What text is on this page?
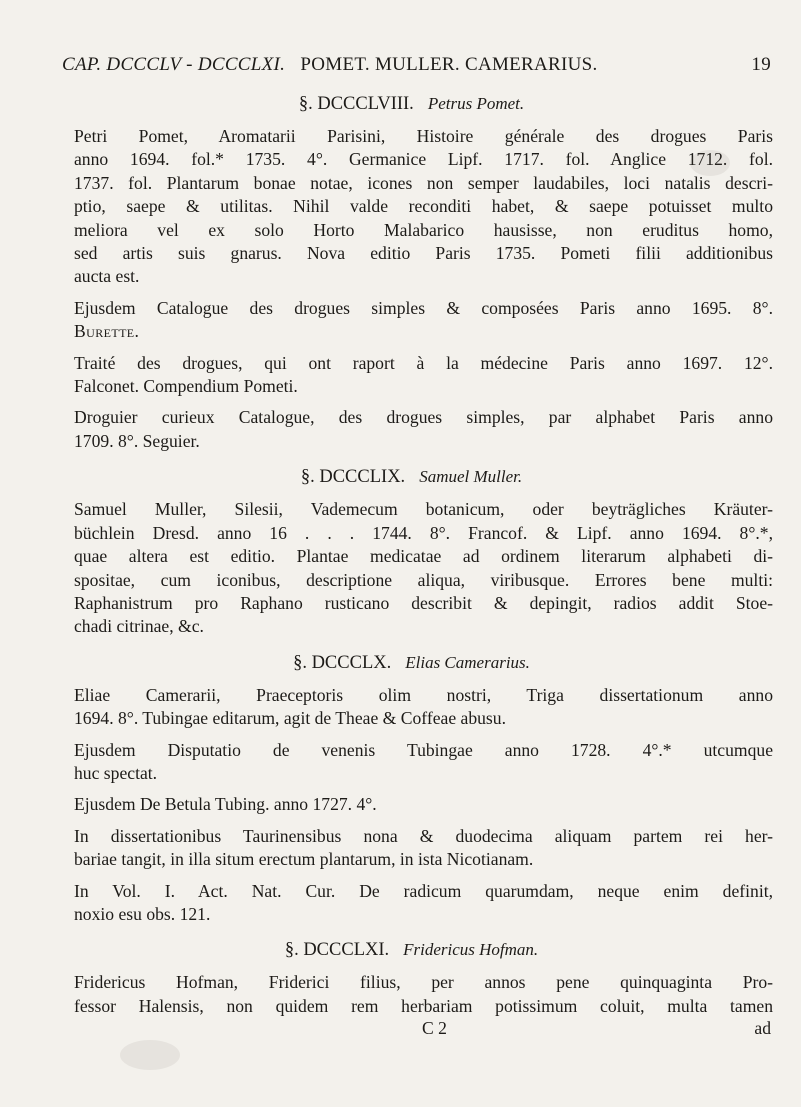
CAP. DCCCLV - DCCCLXI. POMET. MULLER. CAMERARIUS.	19
§. DCCCLVIII. Petrus Pomet.
Petri Pomet, Aromatarii Parisini, Histoire générale des drogues Paris
anno 1694. fol.* 1735. 4°. Germanice Lipf. 1717. fol. Anglice 1712. fol.
1737. fol. Plantarum bonae notae, icones non semper laudabiles, loci natalis descri-
ptio, saepe & utilitas. Nihil valde reconditi habet, & saepe potuisset multo
meliora vel ex solo Horto Malabarico hausisse, non eruditus homo,
sed artis suis gnarus. Nova editio Paris 1735. Pometi filii additionibus
aucta est.
Ejusdem Catalogue des drogues simples & composées Paris anno 1695. 8°.
Burette.
Traité des drogues, qui ont raport à la médecine Paris anno 1697. 12°.
Falconet. Compendium Pometi.
Droguier curieux Catalogue, des drogues simples, par alphabet Paris anno
1709. 8°. Seguier.
§. DCCCLIX. Samuel Muller.
Samuel Muller, Silesii, Vademecum botanicum, oder beyträgliches Kräuter-
büchlein Dresd. anno 16 . . . 1744. 8°. Francof. & Lipf. anno 1694. 8°.*,
quae altera est editio. Plantae medicatae ad ordinem literarum alphabeti di-
spositae, cum iconibus, descriptione aliqua, viribusque. Errores bene multi:
Raphanistrum pro Raphano rusticano describit & depingit, radios addit Stoe-
chadi citrinae, &c.
§. DCCCLX. Elias Camerarius.
Eliae Camerarii, Praeceptoris olim nostri, Triga dissertationum anno
1694. 8°. Tubingae editarum, agit de Theae & Coffeae abusu.
Ejusdem Disputatio de venenis Tubingae anno 1728. 4°.* utcumque
huc spectat.
Ejusdem De Betula Tubing. anno 1727. 4°.
In dissertationibus Taurinensibus nona & duodecima aliquam partem rei her-
bariae tangit, in illa situm erectum plantarum, in ista Nicotianam.
In Vol. I. Act. Nat. Cur. De radicum quarumdam, neque enim definit,
noxio esu obs. 121.
§. DCCCLXI. Fridericus Hofman.
Fridericus Hofman, Friderici filius, per annos pene quinquaginta Pro-
fessor Halensis, non quidem rem herbariam potissimum coluit, multa tamen
C 2	ad
